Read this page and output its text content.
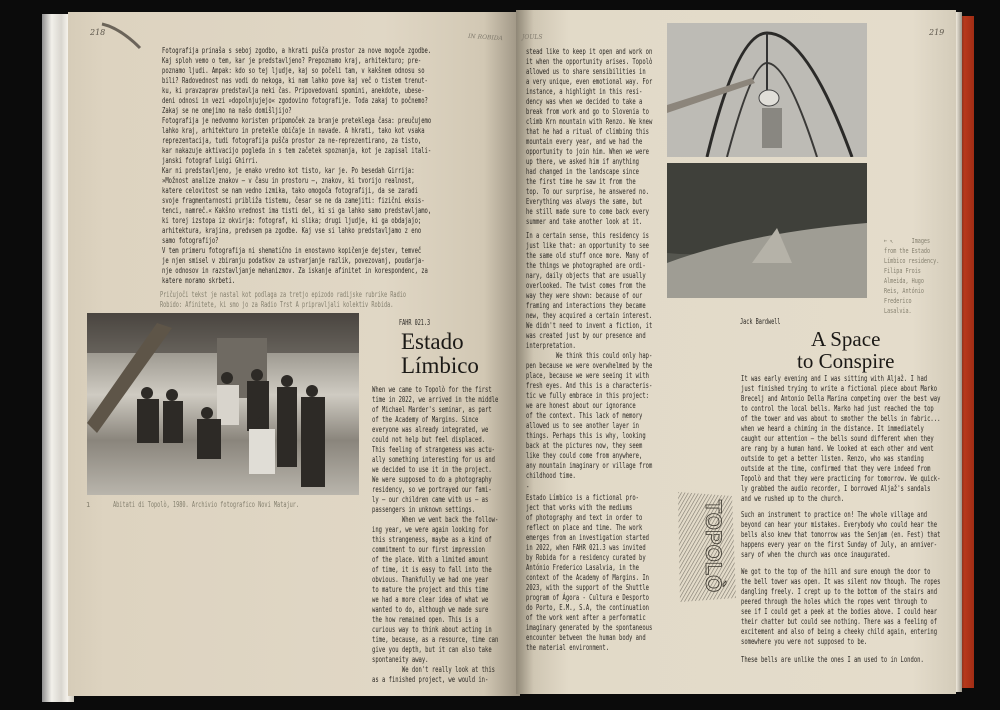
218
IN ROBIDA
Fotografija prinaša s seboj zgodbo, a hkrati pušča prostor za nove mogoče zgodbe.
Kaj sploh vemo o tem, kar je predstavljeno? Prepoznamo kraj, arhitekturo; pre-
poznamo ljudi. Ampak: kdo so tej ljudje, kaj so počeli tam, v kakšnem odnosu so
bili? Radovednost nas vodi do nekoga, ki nam lahko pove kaj več o tistem trenut-
ku, ki pravzaprav predstavlja neki čas. Pripovedovani spomini, anekdote, ubese-
deni odnosi in vezi »dopolnjujejo« zgodovino fotografije. Toda zakaj to počnemo?
Zakaj se ne omejimo na našo domišljijo?
Fotografija je nedvomno koristen pripomoček za branje preteklega časa: preučujemo
lahko kraj, arhitekturo in pretekle običaje in navade. A hkrati, tako kot vsaka
reprezentacija, tudi fotografija pušča prostor za ne-reprezentirano, za tisto,
kar nakazuje aktivacijo pogleda in s tem začetek spoznanja, kot je zapisal itali-
janski fotograf Luigi Ghirri.
Kar ni predstavljeno, je enako vredno kot tisto, kar je. Po besedah Girrija:
»Možnost analize znakov – v času in prostoru –, znakov, ki tvorijo realnost,
katere celovitost se nam vedno izmika, tako omogoča fotografiji, da se zaradi
svoje fragmentarnosti približa tistemu, česar se ne da zamejiti: fizični eksis-
tenci, namreč.« Kakšno vrednost ima tisti del, ki si ga lahko samo predstavljamo,
ki torej izstopa iz okvirja: fotograf, ki slika; drugi ljudje, ki ga obdajajo;
arhitektura, krajina, predvsem pa zgodbe. Kaj vse si lahko predstavljamo z eno
samo fotografijo?
V tem primeru fotografija ni shematično in enostavno kopičenje dejstev, temveč
je njen smisel v zbiranju podatkov za ustvarjanje razlik, povezovanj, poudarja-
nje odnosov in razstavljanje mehanizmov. Za iskanje afinitet in korespondenc, za
katere moramo skrbeti.
Pričujoči tekst je nastal kot podlaga za tretjo epizodo radijske rubrike Radio
Robido: Afinitete, ki smo jo za Radio Trst A pripravljali kolektiv Robida.
1	Abitati di Topolò, 1980. Archivio fotografico Novi Matajur.
FAHR 021.3
Estado
Límbico
When we came to Topolò for the first
time in 2022, we arrived in the middle
of Michael Marder's seminar, as part
of the Academy of Margins. Since
everyone was already integrated, we
could not help but feel displaced.
This feeling of strangeness was actu-
ally something interesting for us and
we decided to use it in the project.
We were supposed to do a photography
residency, so we portrayed our fami-
ly – our children came with us – as
passengers in unknown settings.
When we went back the follow-
ing year, we were again looking for
this strangeness, maybe as a kind of
commitment to our first impression
of the place. With a limited amount
of time, it is easy to fall into the
obvious. Thankfully we had one year
to mature the project and this time
we had a more clear idea of what we
wanted to do, although we made sure
the how remained open. This is a
curious way to think about acting in
time, because, as a resource, time can
give you depth, but it can also take
spontaneity away.
We don't really look at this
as a finished project, we would in-
JOULS
219
stead like to keep it open and work on
it when the opportunity arises. Topolò
allowed us to share sensibilities in
a very unique, even emotional way. For
instance, a highlight in this resi-
dency was when we decided to take a
break from work and go to Slovenia to
climb Krn mountain with Renzo. We knew
that he had a ritual of climbing this
mountain every year, and we had the
opportunity to join him. When we were
up there, we asked him if anything
had changed in the landscape since
the first time he saw it from the
top. To our surprise, he answered no.
Everything was always the same, but
he still made sure to come back every
summer and take another look at it.
In a certain sense, this residency is
just like that: an opportunity to see
the same old stuff once more. Many of
the things we photographed are ordi-
nary, daily objects that are usually
overlooked. The twist comes from the
way they were shown: because of our
framing and interactions they became
new, they acquired a certain interest.
We didn't need to invent a fiction, it
was created just by our presence and
interpretation.
We think this could only hap-
pen because we were overwhelmed by the
place, because we were seeing it with
fresh eyes. And this is a characteris-
tic we fully embrace in this project:
we are honest about our ignorance
of the context. This lack of memory
allowed us to see another layer in
things. Perhaps this is why, looking
back at the pictures now, they seem
like they could come from anywhere,
any mountain imaginary or village from
childhood time.
-
Estado Límbico is a fictional pro-
ject that works with the mediums
of photography and text in order to
reflect on place and time. The work
emerges from an investigation started
in 2022, when FAHR 021.3 was invited
by Robida for a residency curated by
António Frederico Lasalvia, in the
context of the Academy of Margins. In
2023, with the support of the Shuttle
program of Ágora - Cultura e Desporto
do Porto, E.M., S.A, the continuation
of the work went after a performatic
imaginary generated by the spontaneous
encounter between the human body and
the material environment.
← ↖      Images
from the Estado
Límbico residency.
Filipa Frois
Almeida, Hugo
Reis, António
Frederico
Lasalvia.
Jack Bardwell
A Space
to Conspire
It was early evening and I was sitting with Aljaž. I had
just finished trying to write a fictional piece about Marko
Brecelj and Antonio Della Marina competing over the best way
to control the local bells. Marko had just reached the top
of the tower and was about to smother the bells in fabric...
when we heard a chiming in the distance. It immediately
caught our attention – the bells sound different when they
are rang by a human hand. We looked at each other and went
outside to get a better listen. Renzo, who was standing
outside at the time, confirmed that they were indeed from
Topolò and that they were practicing for tomorrow. We quick-
ly grabbed the audio recorder, I borrowed Aljaž's sandals
and we rushed up to the church.
Such an instrument to practice on! The whole village and
beyond can hear your mistakes. Everybody who could hear the
bells also knew that tomorrow was the Senjam (en. Fest) that
happens every year on the first Sunday of July, an anniver-
sary of when the church was once inaugurated.
We got to the top of the hill and sure enough the door to
the bell tower was open. It was silent now though. The ropes
dangling freely. I crept up to the bottom of the stairs and
peered through the holes which the ropes went through to
see if I could get a peek at the bodies above. I could hear
their chatter but could see nothing. There was a feeling of
excitement and also of being a cheeky child again, entering
somewhere you were not supposed to be.
These bells are unlike the ones I am used to in London.
TOPOLÒ
